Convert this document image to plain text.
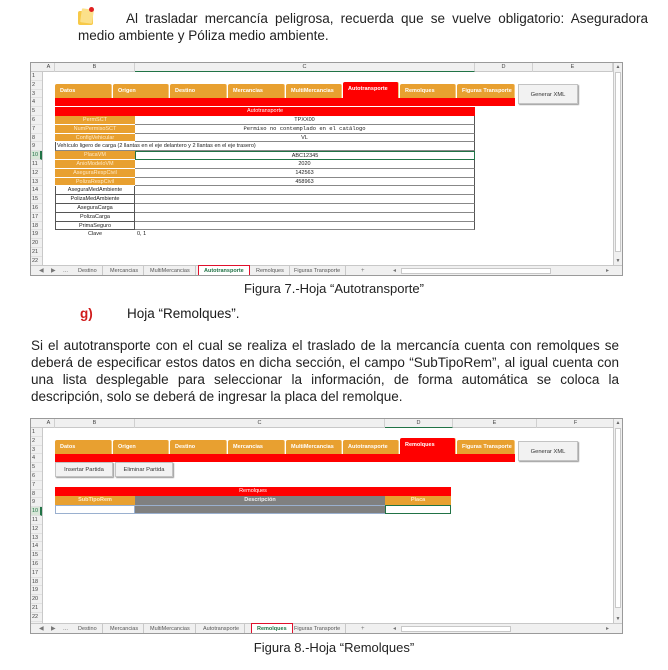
Al trasladar mercancía peligrosa, recuerda que se vuelve obligatorio: Aseguradora medio ambiente y Póliza medio ambiente.
A	B	C	D	E
1
2
3
4
5
6
7
8
9
10
11
12
13
14
15
16
17
18
19
20
21
22
▲
▼
Datos	Origen	Destino	Mercancias	MultiMercancias	Autotransporte	Remolques	Figuras Transporte
Generar XML
Autotransporte
PermSCT	TPXX00
NumPermisoSCT	Permiso no contemplado en el catálogo
ConfigVehicular	VL
Vehículo ligero de carga (2 llantas en el eje delantero y 2 llantas en el eje trasero)
PlacaVM	ABC12345
AnioModeloVM	2020
AseguraRespCivil	142563
PolizaRespCivil	458963
AseguraMedAmbiente
PolizaMedAmbiente
AseguraCarga
PolizaCarga
PrimaSeguro
Clave	0, 1
◀ ▶ ...	Destino	Mercancias	MultiMercancias	Autotransporte	Remolques	Figuras Transporte	+	◂	▸
Figura 7.-Hoja “Autotransporte”
g)	Hoja “Remolques”.
Si el autotransporte con el cual se realiza el traslado de la mercancía cuenta con remolques se deberá de especificar estos datos en dicha sección, el campo “SubTipoRem”, al igual cuenta con una lista desplegable para seleccionar la información, de forma automática se coloca la descripción, solo se deberá de ingresar la placa del remolque.
A	B	C	D	E	F
1
2
3
4
5
6
7
8
9
10
11
12
13
14
15
16
17
18
19
20
21
22
▲
▼
Datos	Origen	Destino	Mercancias	MultiMercancias	Autotransporte	Remolques	Figuras Transporte
Generar XML
Insertar Partida	Eliminar Partida
Remolques
SubTipoRem	Descripción	Placa
◀ ▶ ...	Destino	Mercancias	MultiMercancias	Autotransporte	Remolques	Figuras Transporte	+	◂	▸
Figura 8.-Hoja “Remolques”
